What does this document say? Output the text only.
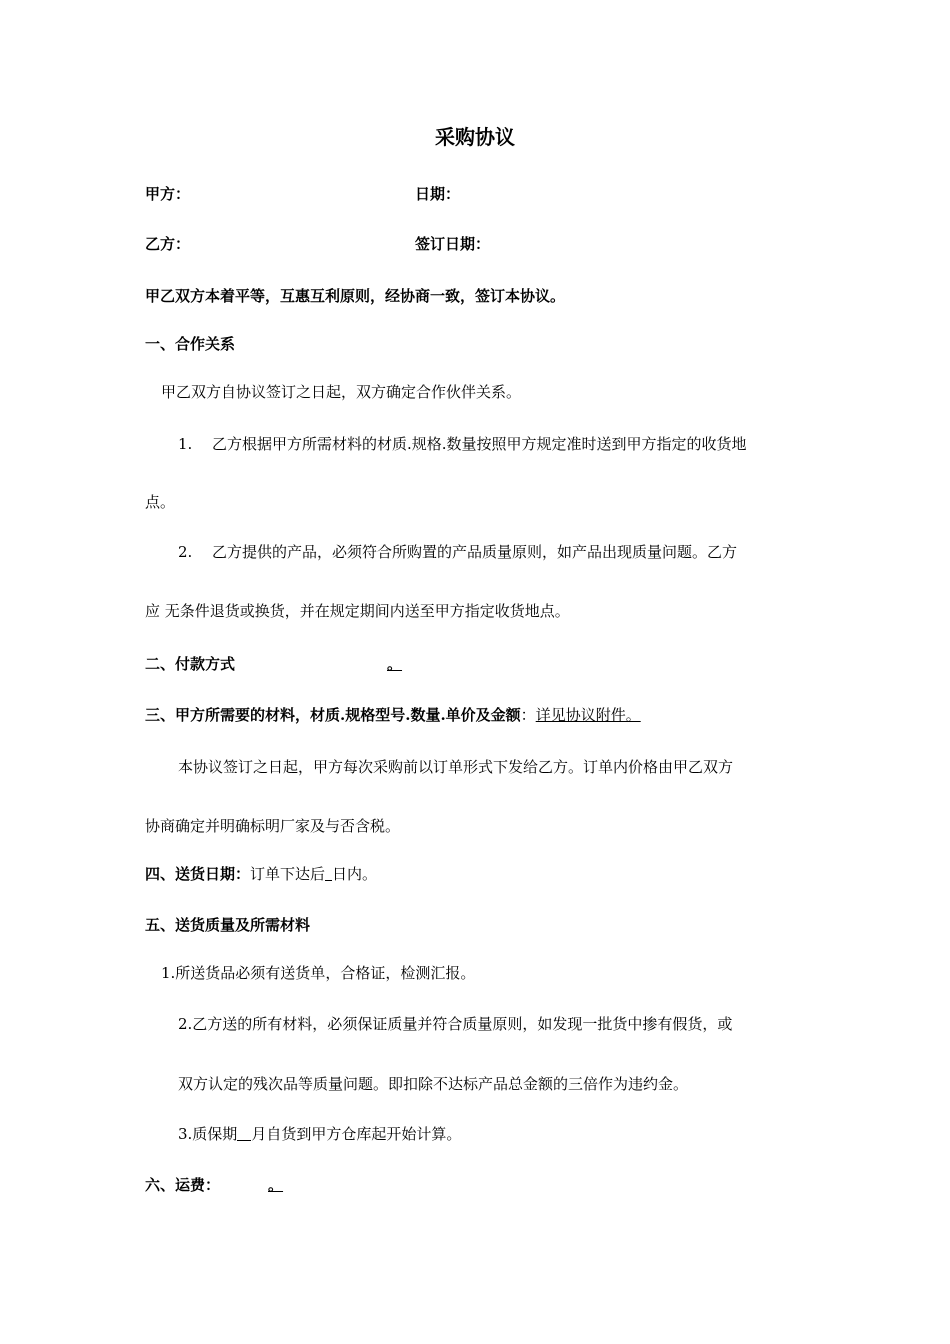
采购协议
甲方：	日期：
乙方：	签订日期：
甲乙双方本着平等，互惠互利原则，经协商一致，签订本协议。
一、合作关系
甲乙双方自协议签订之日起，双方确定合作伙伴关系。
1. 乙方根据甲方所需材料的材质.规格.数量按照甲方规定准时送到甲方指定的收货地
点。
2. 乙方提供的产品，必须符合所购置的产品质量原则，如产品出现质量问题。乙方
应 无条件退货或换货，并在规定期间内送至甲方指定收货地点。
二、付款方式	。
三、甲方所需要的材料，材质.规格型号.数量.单价及金额：详见协议附件。
本协议签订之日起，甲方每次采购前以订单形式下发给乙方。订单内价格由甲乙双方
协商确定并明确标明厂家及与否含税。
四、送货日期：订单下达后 日内。
五、送货质量及所需材料
1.所送货品必须有送货单，合格证，检测汇报。
2.乙方送的所有材料，必须保证质量并符合质量原则，如发现一批货中掺有假货，或
双方认定的残次品等质量问题。即扣除不达标产品总金额的三倍作为违约金。
3.质保期 月自货到甲方仓库起开始计算。
六、运费：	。
